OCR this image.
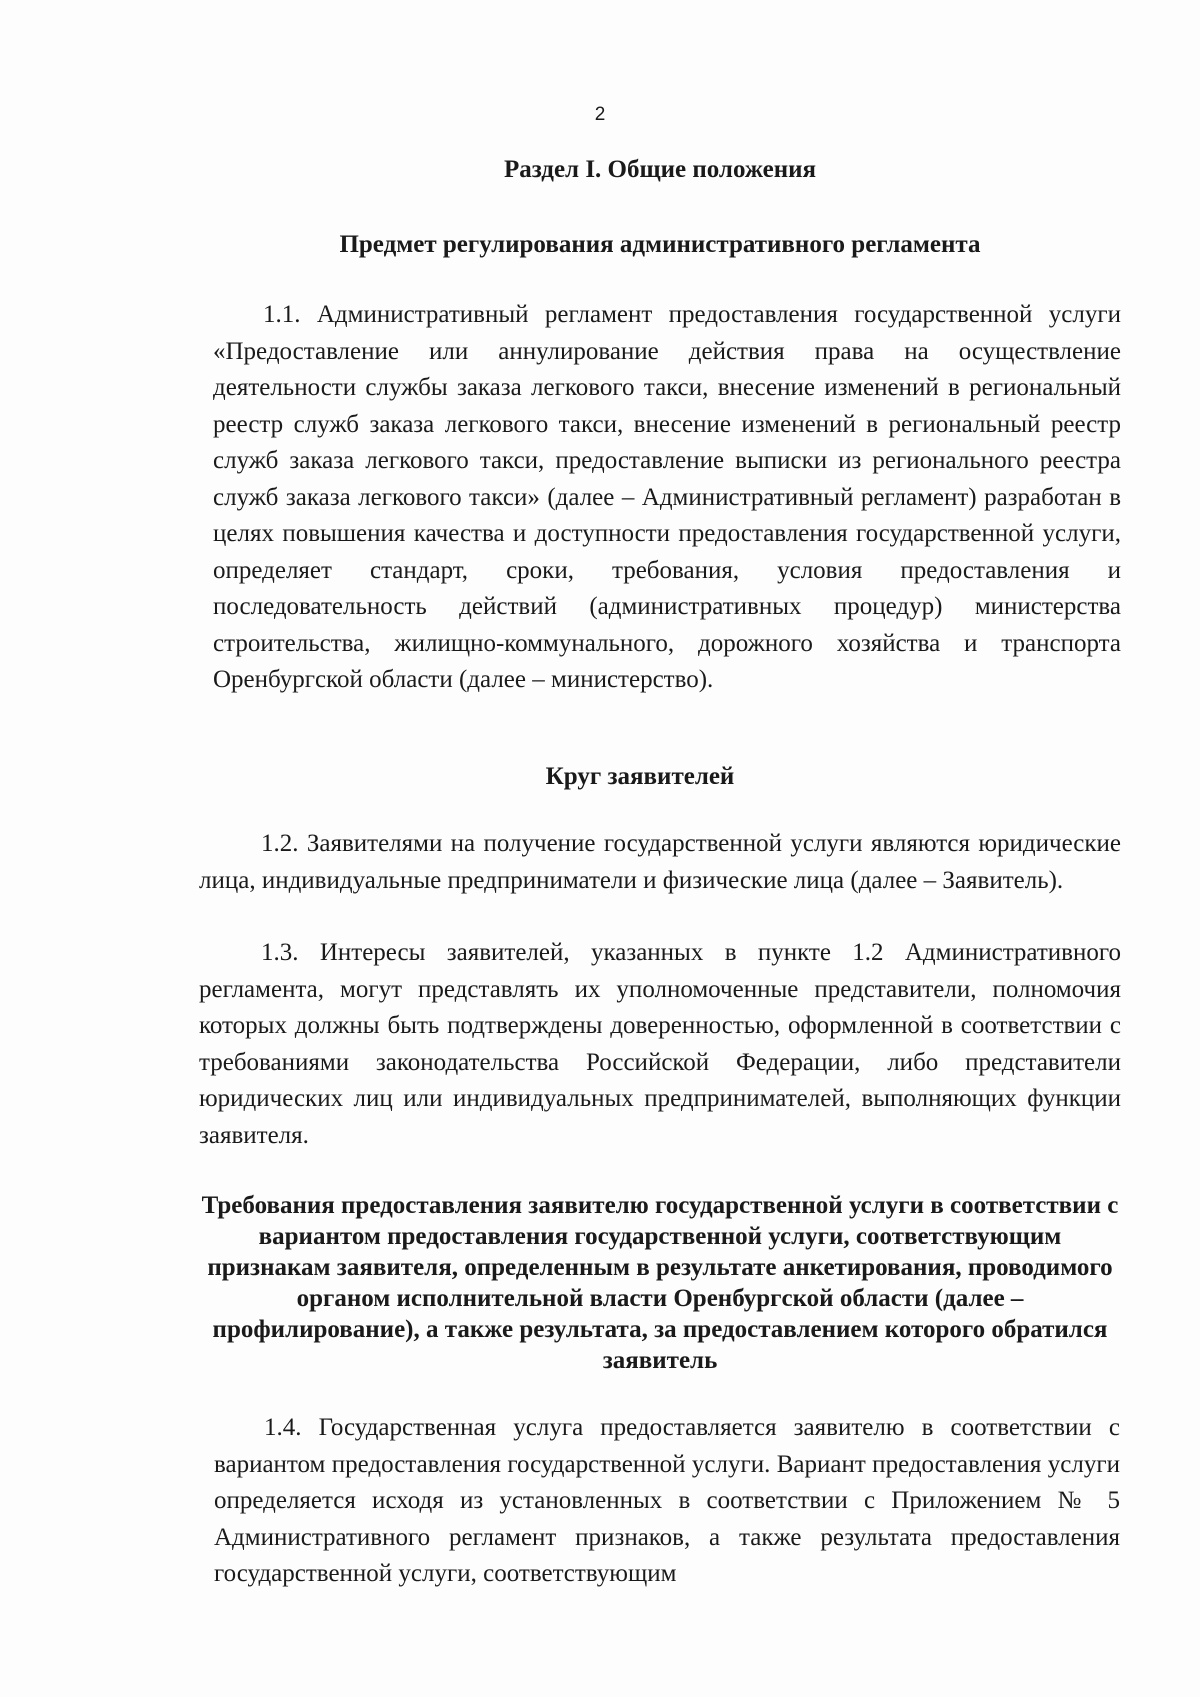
2
Раздел I. Общие положения
Предмет регулирования административного регламента

1.1. Административный регламент предоставления государственной услуги «Предоставление или аннулирование действия права на осуществление деятельности службы заказа легкового такси, внесение изменений в региональный реестр служб заказа легкового такси, внесение изменений в региональный реестр служб заказа легкового такси, предоставление выписки из регионального реестра служб заказа легкового такси» (далее – Административный регламент) разработан в целях повышения качества и доступности предоставления государственной услуги, определяет стандарт, сроки, требования, условия предоставления и последовательность действий (административных процедур) министерства строительства, жилищно-коммунального, дорожного хозяйства и транспорта Оренбургской области (далее – министерство).

Круг заявителей

1.2. Заявителями на получение государственной услуги являются юридические лица, индивидуальные предприниматели и физические лица (далее – Заявитель).

1.3. Интересы заявителей, указанных в пункте 1.2 Административного регламента, могут представлять их уполномоченные представители, полномочия которых должны быть подтверждены доверенностью, оформленной в соответствии с требованиями законодательства Российской Федерации, либо представители юридических лиц или индивидуальных предпринимателей, выполняющих функции заявителя.

Требования предоставления заявителю государственной услуги в соответствии с вариантом предоставления государственной услуги, соответствующим признакам заявителя, определенным в результате анкетирования, проводимого органом исполнительной власти Оренбургской области (далее – профилирование), а также результата, за предоставлением которого обратился заявитель

1.4. Государственная услуга предоставляется заявителю в соответствии с вариантом предоставления государственной услуги. Вариант предоставления услуги определяется исходя из установленных в соответствии с Приложением № 5 Административного регламент признаков, а также результата предоставления государственной услуги, соответствующим
